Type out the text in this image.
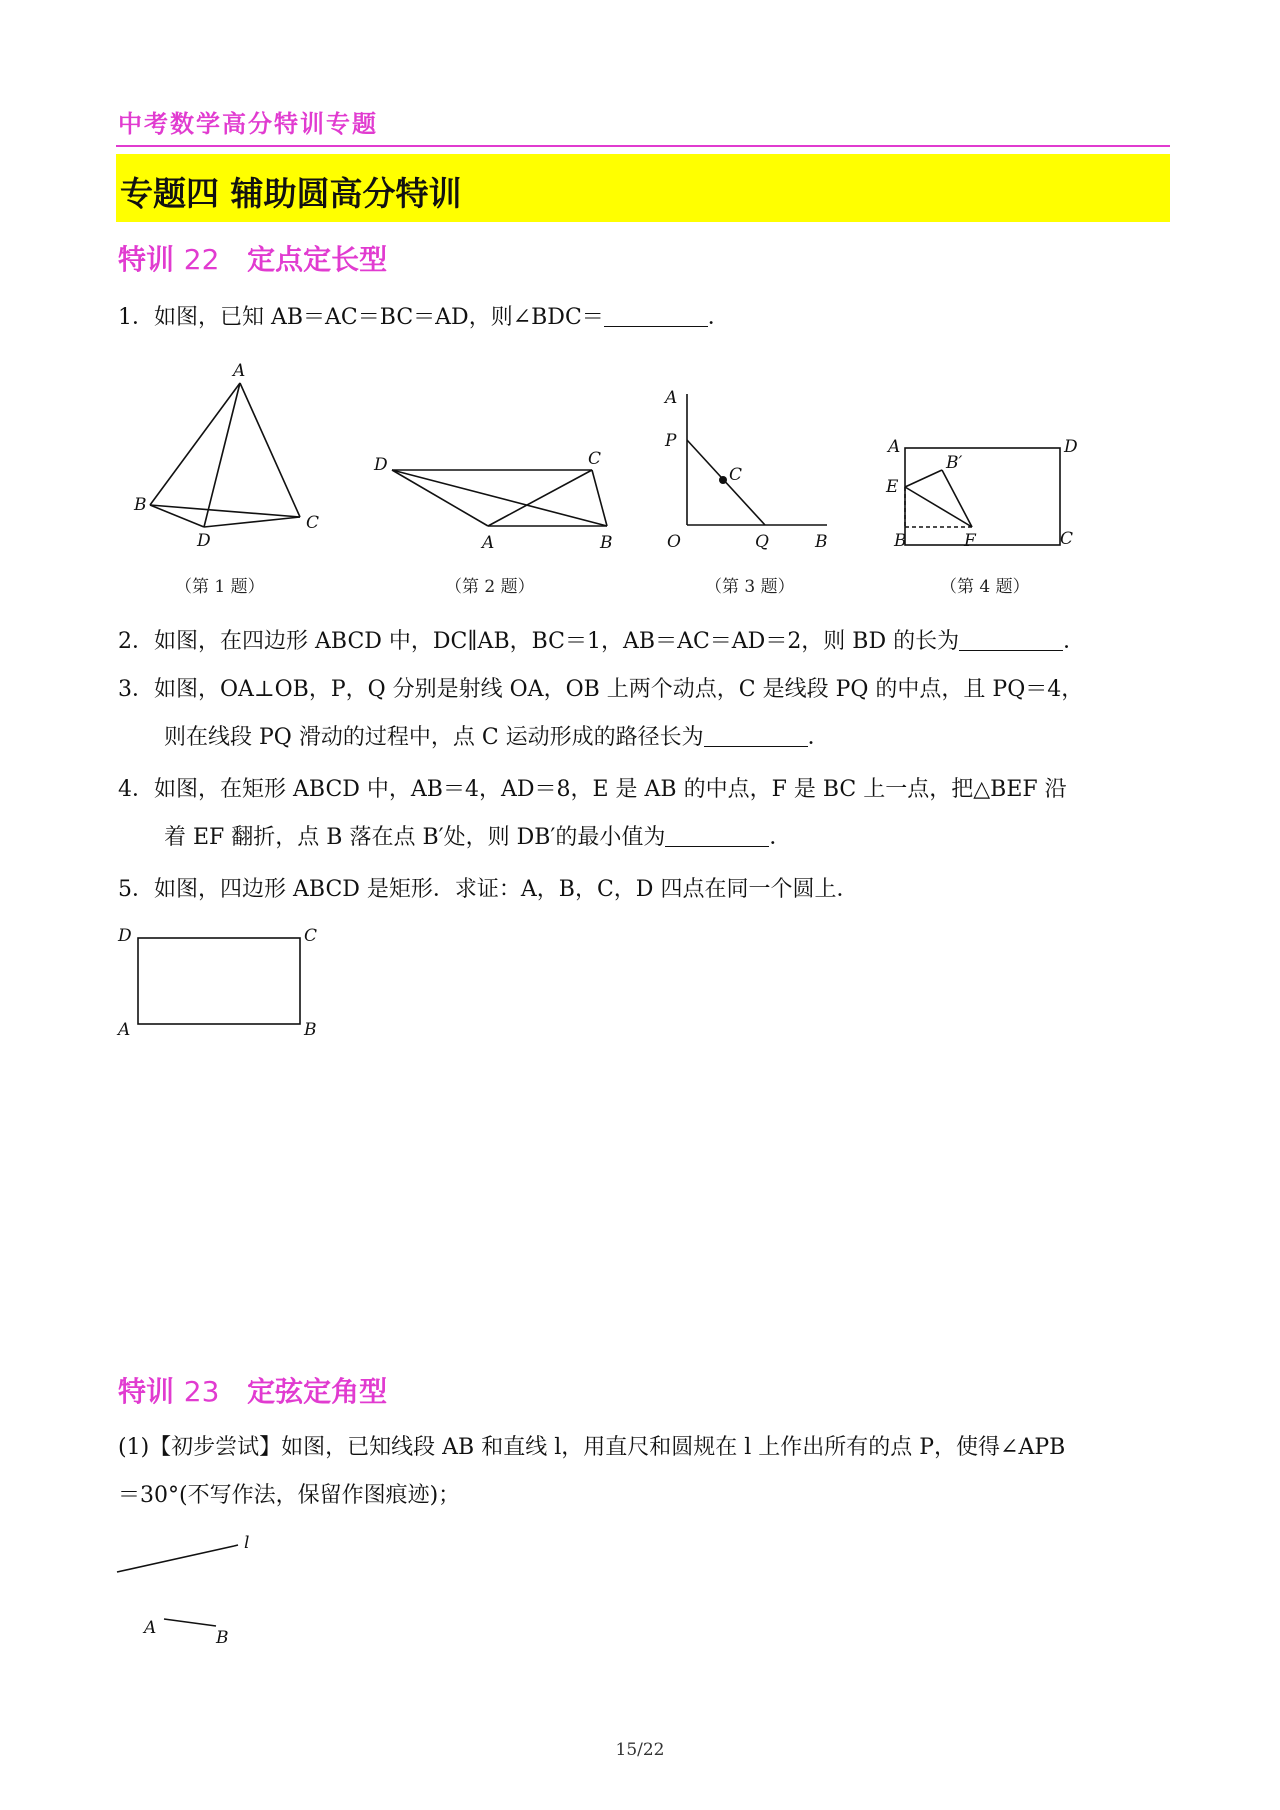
中考数学高分特训专题
专题四 辅助圆高分特训
特训 22 定点定长型
1．如图，已知 AB＝AC＝BC＝AD，则∠BDC＝	．
A
B
C
D
（第 1 题）
D	C
A	B
（第 2 题）
A
P
C
O	Q	B
（第 3 题）
A	D
B′
E
B	F	C
（第 4 题）
2．如图，在四边形 ABCD 中，DC∥AB，BC＝1，AB＝AC＝AD＝2，则 BD 的长为	．
3．如图，OA⊥OB，P，Q 分别是射线 OA，OB 上两个动点，C 是线段 PQ 的中点，且 PQ＝4，
则在线段 PQ 滑动的过程中，点 C 运动形成的路径长为	．
4．如图，在矩形 ABCD 中，AB＝4，AD＝8，E 是 AB 的中点，F 是 BC 上一点，把△BEF 沿
着 EF 翻折，点 B 落在点 B′处，则 DB′的最小值为	．
5．如图，四边形 ABCD 是矩形．求证：A，B，C，D 四点在同一个圆上．
D	C
A	B
特训 23 定弦定角型
(1)【初步尝试】如图，已知线段 AB 和直线 l，用直尺和圆规在 l 上作出所有的点 P，使得∠APB
＝30°(不写作法，保留作图痕迹)；
l
A	B
15/22
